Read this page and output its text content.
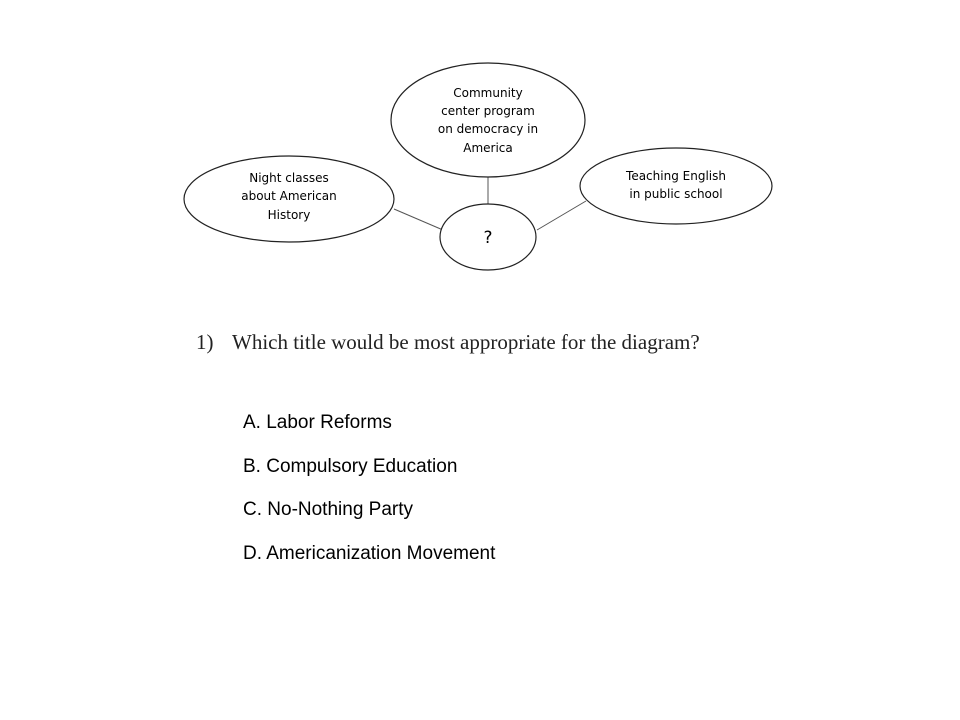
Community
center program
on democracy in
America
Night classes
about American
History
Teaching English
in public school
?
1) Which title would be most appropriate for the diagram?
A. Labor Reforms
B. Compulsory Education
C. No-Nothing Party
D. Americanization Movement
